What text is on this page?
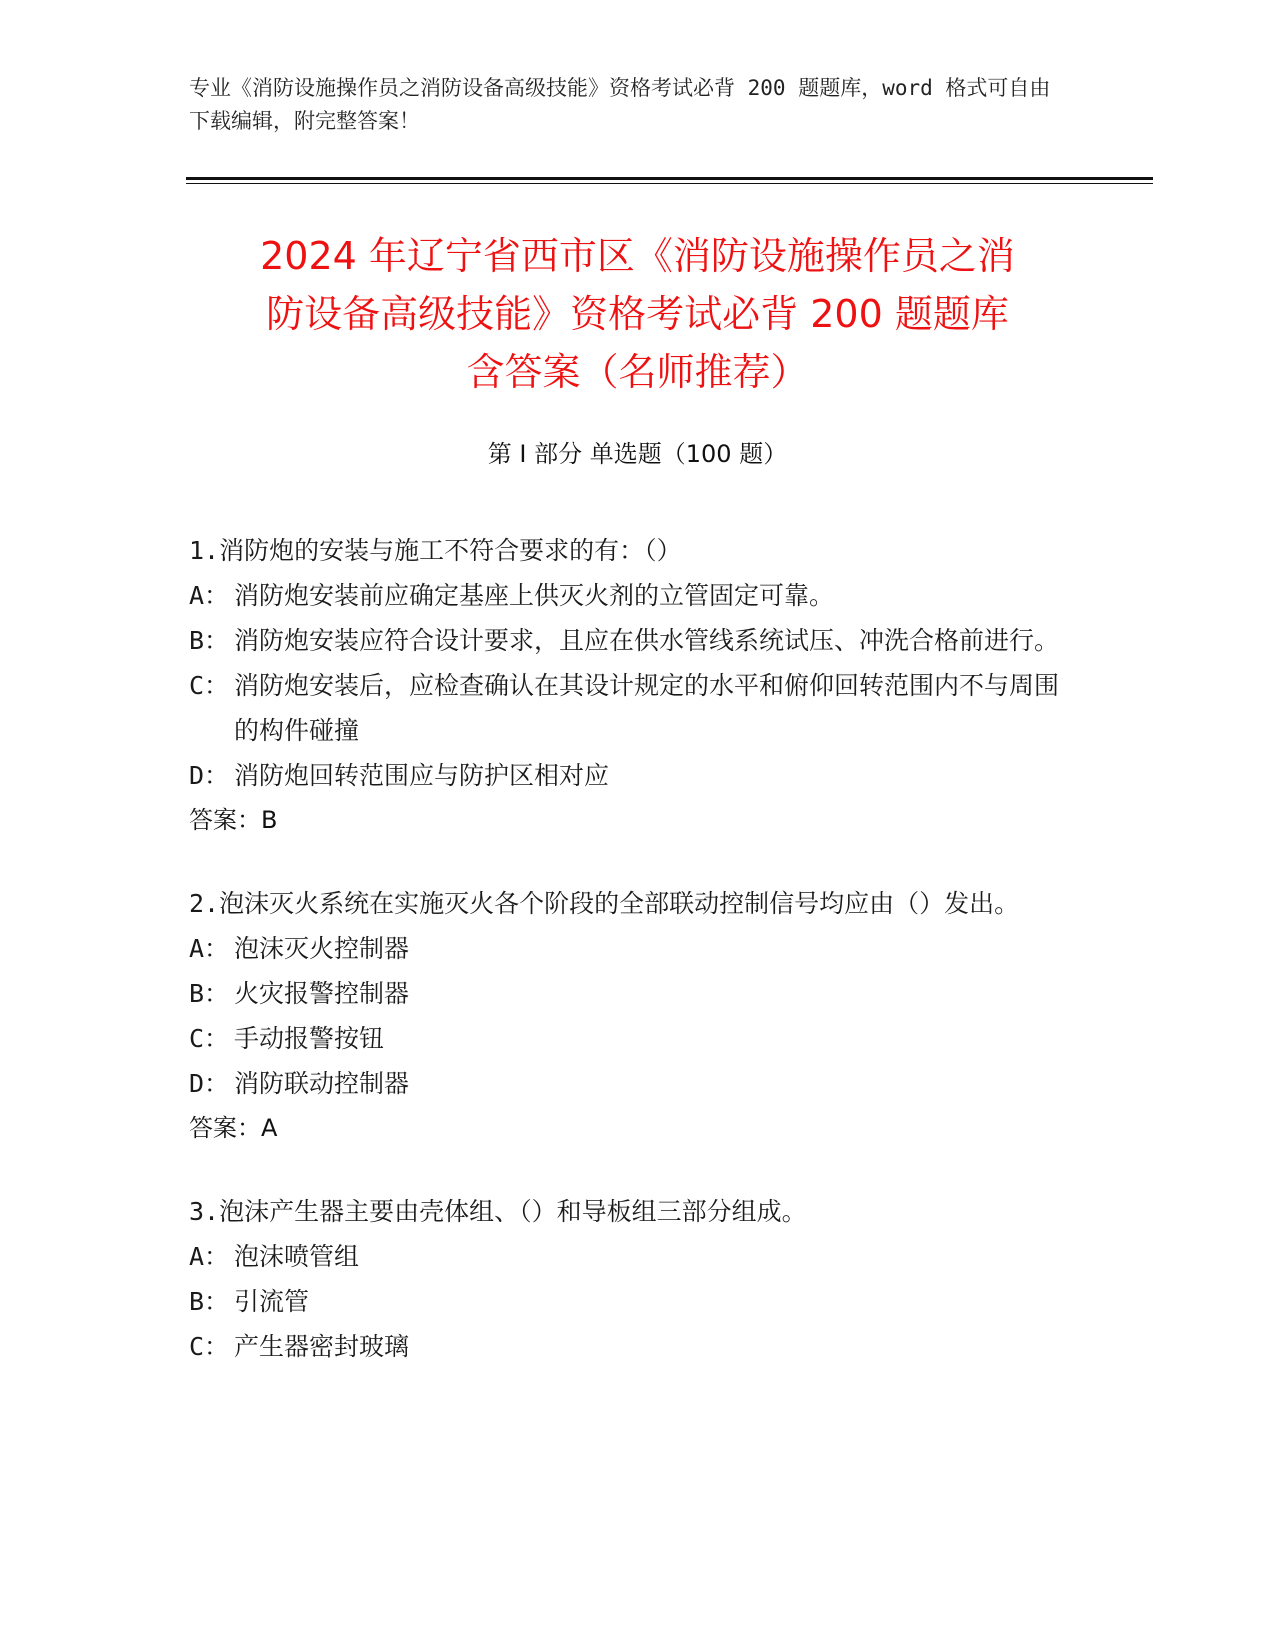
专业《消防设施操作员之消防设备高级技能》资格考试必背 200 题题库，word 格式可自由下载编辑，附完整答案！
2024 年辽宁省西市区《消防设施操作员之消
防设备高级技能》资格考试必背 200 题题库
含答案（名师推荐）
第 I 部分 单选题（100 题）
1.消防炮的安装与施工不符合要求的有：（）
A： 消防炮安装前应确定基座上供灭火剂的立管固定可靠。
B： 消防炮安装应符合设计要求，且应在供水管线系统试压、冲洗合格前进行。
C： 消防炮安装后，应检查确认在其设计规定的水平和俯仰回转范围内不与周围的构件碰撞
D： 消防炮回转范围应与防护区相对应
答案：B
2.泡沫灭火系统在实施灭火各个阶段的全部联动控制信号均应由（）发出。
A： 泡沫灭火控制器
B： 火灾报警控制器
C： 手动报警按钮
D： 消防联动控制器
答案：A
3.泡沫产生器主要由壳体组、（）和导板组三部分组成。
A： 泡沫喷管组
B： 引流管
C： 产生器密封玻璃
